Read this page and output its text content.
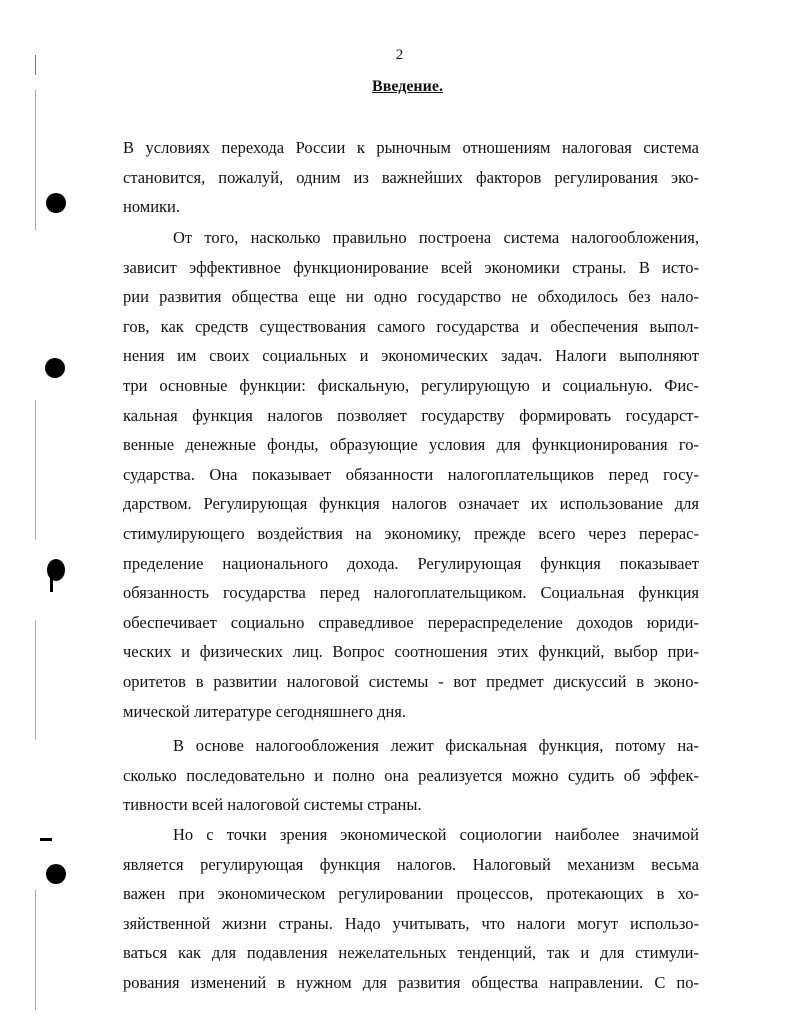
2
Введение.
В условиях перехода России к рыночным отношениям налоговая система
становится, пожалуй, одним из важнейших факторов регулирования эко-
номики.
От того, насколько правильно построена система налогообложения,
зависит эффективное функционирование всей экономики страны. В исто-
рии развития общества еще ни одно государство не обходилось без нало-
гов, как средств существования самого государства и обеспечения выпол-
нения им своих социальных и экономических задач. Налоги выполняют
три основные функции: фискальную, регулирующую и социальную. Фис-
кальная функция налогов позволяет государству формировать государст-
венные денежные фонды, образующие условия для функционирования го-
сударства. Она показывает обязанности налогоплательщиков перед госу-
дарством. Регулирующая функция налогов означает их использование для
стимулирующего воздействия на экономику, прежде всего через перерас-
пределение национального дохода. Регулирующая функция показывает
обязанность государства перед налогоплательщиком. Социальная функция
обеспечивает социально справедливое перераспределение доходов юриди-
ческих и физических лиц. Вопрос соотношения этих функций, выбор при-
оритетов в развитии налоговой системы - вот предмет дискуссий в эконо-
мической литературе сегодняшнего дня.
В основе налогообложения лежит фискальная функция, потому на-
сколько последовательно и полно она реализуется можно судить об эффек-
тивности всей налоговой системы страны.
Но с точки зрения экономической социологии наиболее значимой
является регулирующая функция налогов. Налоговый механизм весьма
важен при экономическом регулировании процессов, протекающих в хо-
зяйственной жизни страны. Надо учитывать, что налоги могут использо-
ваться как для подавления нежелательных тенденций, так и для стимули-
рования изменений в нужном для развития общества направлении. С по-
